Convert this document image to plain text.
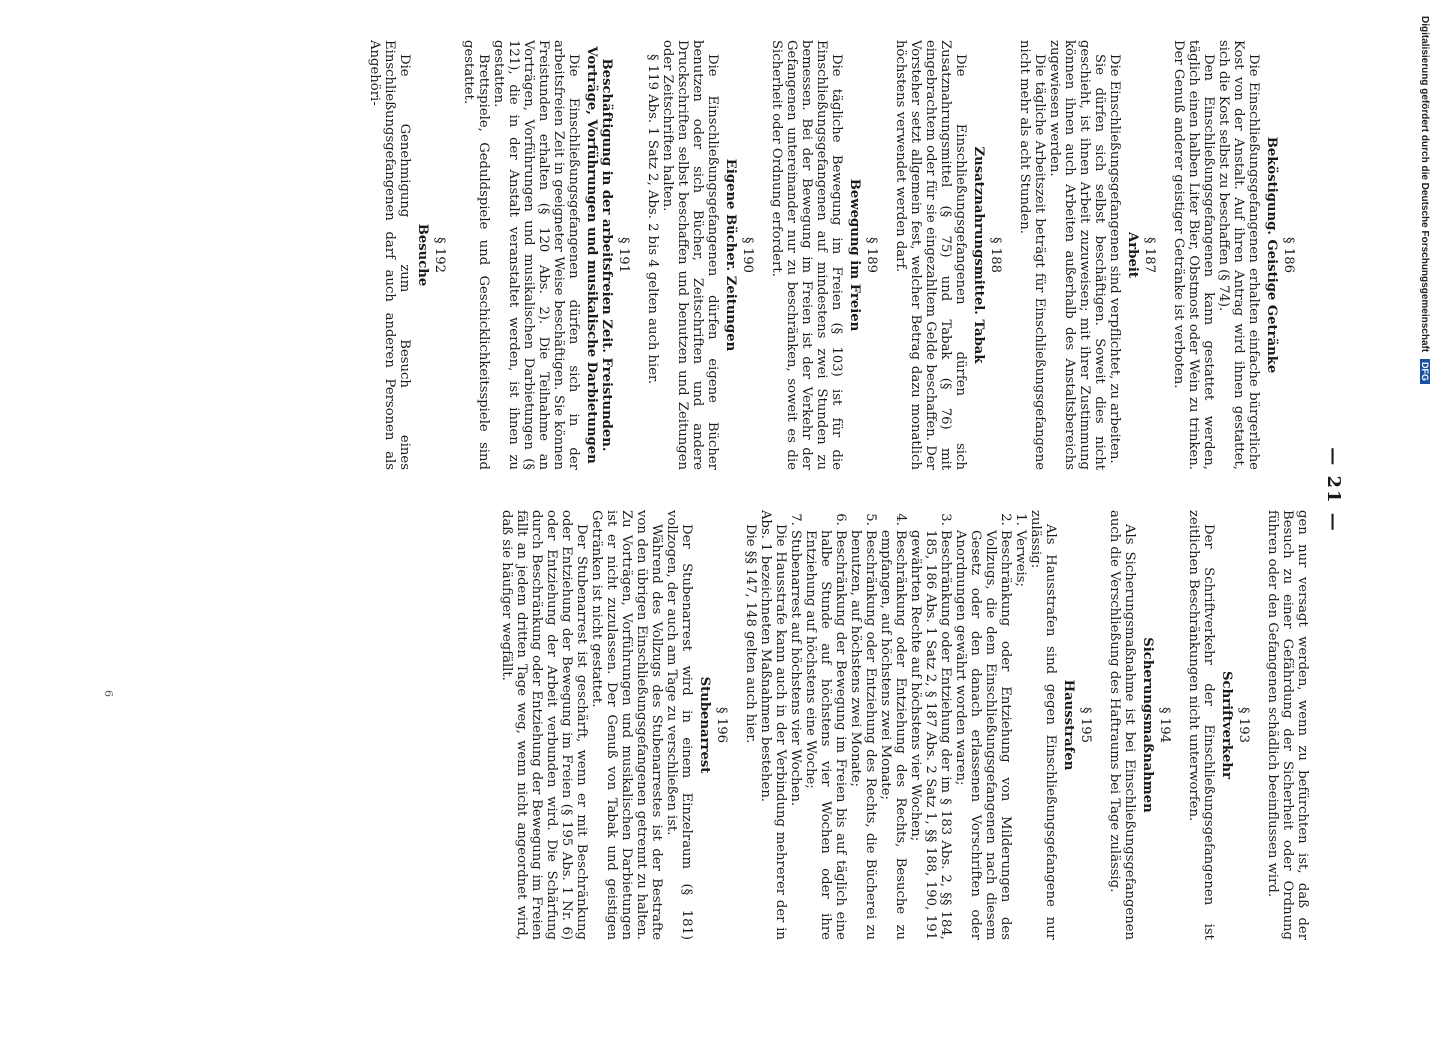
— 21 —
§ 186
Beköstigung. Geistige Getränke

Die Einschließungsgefangenen erhalten einfache bürgerliche Kost von der Anstalt. Auf ihren Antrag wird ihnen gestattet, sich die Kost selbst zu beschaffen (§ 74).

Den Einschließungsgefangenen kann gestattet werden, täglich einen halben Liter Bier, Obstmost oder Wein zu trinken. Der Genuß anderer geistiger Getränke ist verboten.

§ 187
Arbeit

Die Einschließungsgefangenen sind verpflichtet, zu arbeiten.

Sie dürfen sich selbst beschäftigen. Soweit dies nicht geschieht, ist ihnen Arbeit zuzuweisen; mit ihrer Zustimmung können ihnen auch Arbeiten außerhalb des Anstaltsbereichs zugewiesen werden.

Die tägliche Arbeitszeit beträgt für Einschließungsgefangene nicht mehr als acht Stunden.

§ 188
Zusatznahrungsmittel. Tabak

Die Einschließungsgefangenen dürfen sich Zusatznahrungsmittel (§ 75) und Tabak (§ 76) mit eingebrachtem oder für sie eingezahltem Gelde beschaffen. Der Vorsteher setzt allgemein fest, welcher Betrag dazu monatlich höchstens verwendet werden darf.

§ 189
Bewegung im Freien

Die tägliche Bewegung im Freien (§ 103) ist für die Einschließungsgefangenen auf mindestens zwei Stunden zu bemessen. Bei der Bewegung im Freien ist der Verkehr der Gefangenen untereinander nur zu beschränken, soweit es die Sicherheit oder Ordnung erfordert.

§ 190
Eigene Bücher. Zeitungen

Die Einschließungsgefangenen dürfen eigene Bücher benutzen oder sich Bücher, Zeitschriften und andere Druckschriften selbst beschaffen und benutzen und Zeitungen oder Zeitschriften halten.

§ 119 Abs. 1 Satz 2, Abs. 2 bis 4 gelten auch hier.

§ 191
Beschäftigung in der arbeitsfreien Zeit. Freistunden. Vorträge, Vorführungen und musikalische Darbietungen

Die Einschließungsgefangenen dürfen sich in der arbeitsfreien Zeit in geeigneter Weise beschäftigen. Sie können Freistunden erhalten (§ 120 Abs. 2). Die Teilnahme an Vorträgen, Vorführungen und musikalischen Darbietungen (§ 121), die in der Anstalt veranstaltet werden, ist ihnen zu gestatten.

Brettspiele, Geduldspiele und Geschicklichkeitsspiele sind gestattet.

§ 192
Besuche

Die Genehmigung zum Besuch eines Einschließungsgefangenen darf auch anderen Personen als Angehöri-

gen nur versagt werden, wenn zu befürchten ist, daß der Besuch zu einer Gefährdung der Sicherheit oder Ordnung führen oder den Gefangenen schädlich beeinflussen wird.

§ 193
Schriftverkehr

Der Schriftverkehr der Einschließungsgefangenen ist zeitlichen Beschränkungen nicht unterworfen.

§ 194
Sicherungsmaßnahmen

Als Sicherungsmaßnahme ist bei Einschließungsgefangenen auch die Verschließung des Haftraums bei Tage zulässig.

§ 195
Hausstrafen

Als Hausstrafen sind gegen Einschließungsgefangene nur zulässig:

1. Verweis;
2. Beschränkung oder Entziehung von Milderungen des Vollzugs, die dem Einschließungsgefangenen nach diesem Gesetz oder den danach erlassenen Vorschriften oder Anordnungen gewährt worden waren;
3. Beschränkung oder Entziehung der im § 183 Abs. 2, §§ 184, 185, 186 Abs. 1 Satz 2, § 187 Abs. 2 Satz 1, §§ 188, 190, 191 gewährten Rechte auf höchstens vier Wochen;
4. Beschränkung oder Entziehung des Rechts, Besuche zu empfangen, auf höchstens zwei Monate;
5. Beschränkung oder Entziehung des Rechts, die Bücherei zu benutzen, auf höchstens zwei Monate;
6. Beschränkung der Bewegung im Freien bis auf täglich eine halbe Stunde auf höchstens vier Wochen oder ihre Entziehung auf höchstens eine Woche;
7. Stubenarrest auf höchstens vier Wochen.

Die Hausstrafe kann auch in der Verbindung mehrerer der in Abs. 1 bezeichneten Maßnahmen bestehen.

Die §§ 147, 148 gelten auch hier.

§ 196
Stubenarrest

Der Stubenarrest wird in einem Einzelraum (§ 181) vollzogen, der auch am Tage zu verschließen ist.

Während des Vollzugs des Stubenarrestes ist der Bestrafte von den übrigen Einschließungsgefangenen getrennt zu halten. Zu Vorträgen, Vorführungen und musikalischen Darbietungen ist er nicht zuzulassen. Der Genuß von Tabak und geistigen Getränken ist nicht gestattet.

Der Stubenarrest ist geschärft, wenn er mit Beschränkung oder Entziehung der Bewegung im Freien (§ 195 Abs. 1 Nr. 6) oder Entziehung der Arbeit verbunden wird. Die Schärfung durch Beschränkung oder Entziehung der Bewegung im Freien fällt an jedem dritten Tage weg, wenn nicht angeordnet wird, daß sie häufiger wegfällt.

6
Digitalisierung gefördert durch die Deutsche Forschungsgemeinschaft DFG
